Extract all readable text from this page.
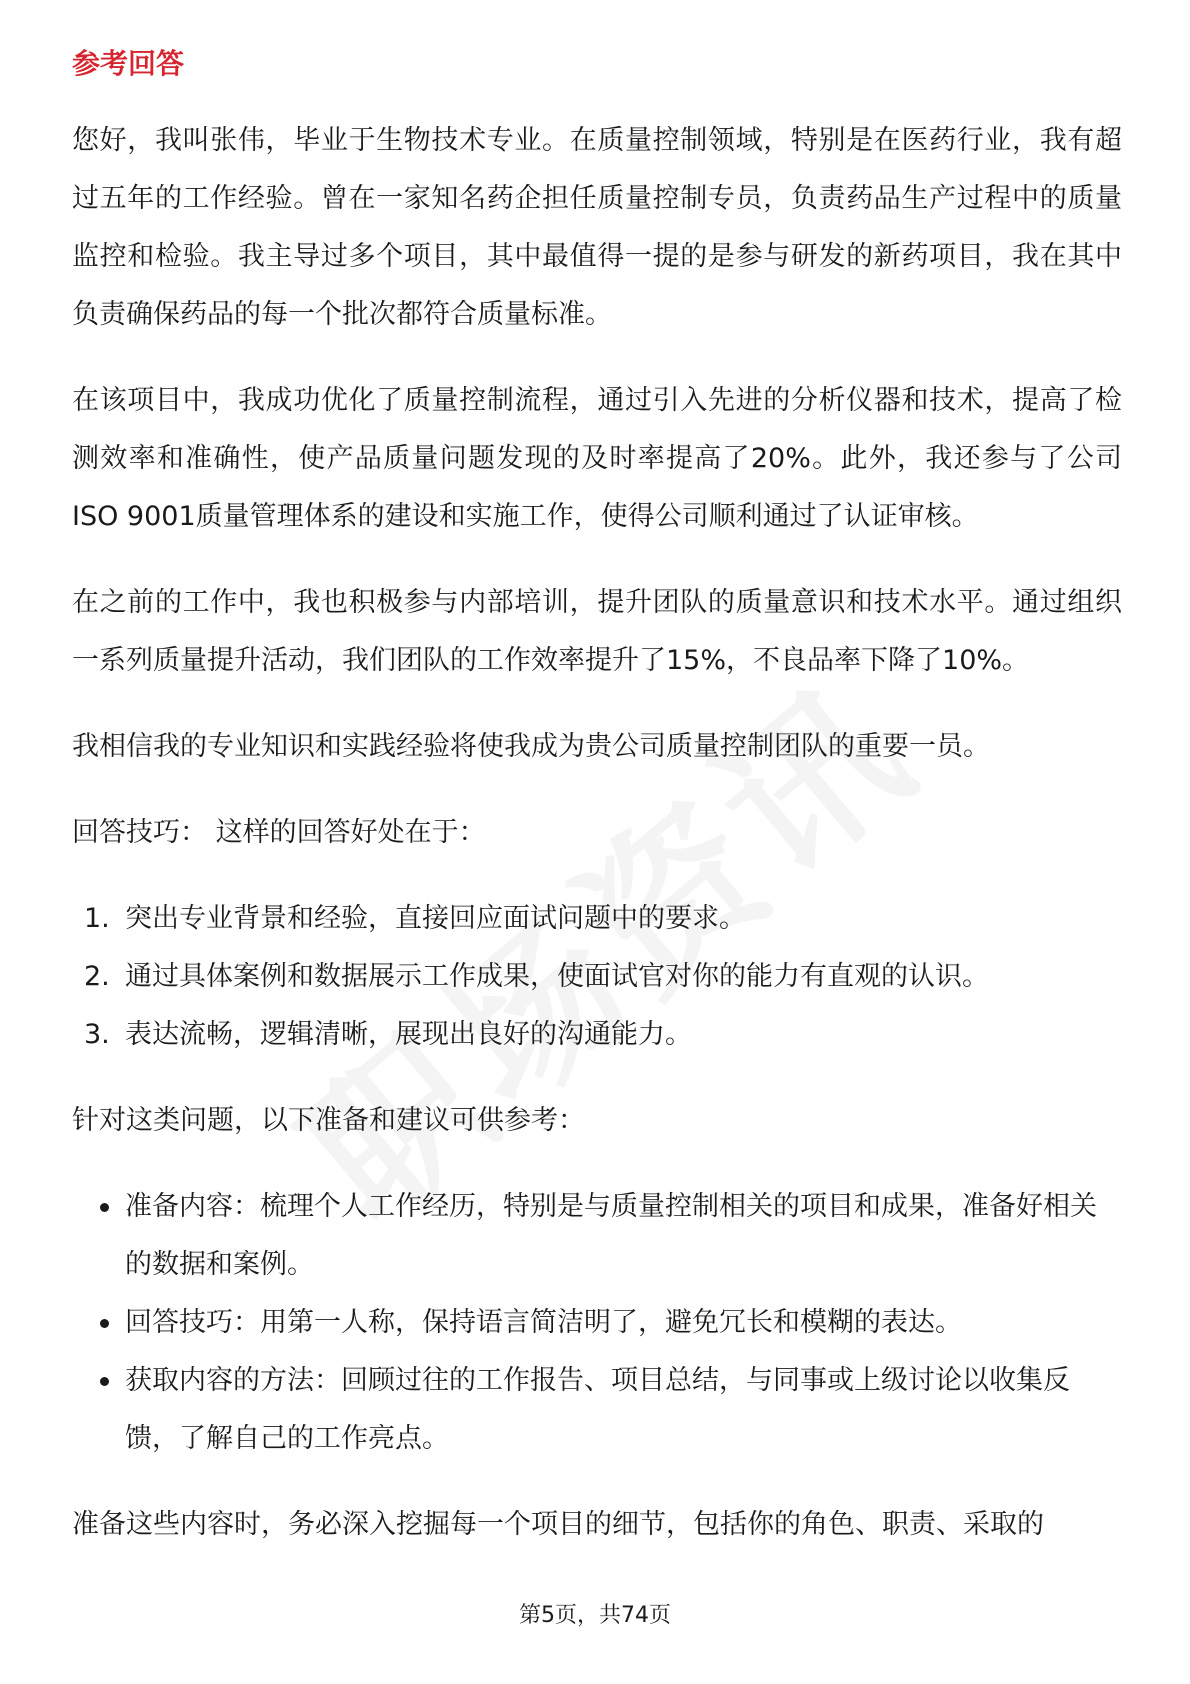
参考回答

您好，我叫张伟，毕业于生物技术专业。在质量控制领域，特别是在医药行业，我有超过五年的工作经验。曾在一家知名药企担任质量控制专员，负责药品生产过程中的质量监控和检验。我主导过多个项目，其中最值得一提的是参与研发的新药项目，我在其中负责确保药品的每一个批次都符合质量标准。

在该项目中，我成功优化了质量控制流程，通过引入先进的分析仪器和技术，提高了检测效率和准确性，使产品质量问题发现的及时率提高了20%。此外，我还参与了公司ISO 9001质量管理体系的建设和实施工作，使得公司顺利通过了认证审核。

在之前的工作中，我也积极参与内部培训，提升团队的质量意识和技术水平。通过组织一系列质量提升活动，我们团队的工作效率提升了15%，不良品率下降了10%。

我相信我的专业知识和实践经验将使我成为贵公司质量控制团队的重要一员。

回答技巧： 这样的回答好处在于：

1. 突出专业背景和经验，直接回应面试问题中的要求。
2. 通过具体案例和数据展示工作成果，使面试官对你的能力有直观的认识。
3. 表达流畅，逻辑清晰，展现出良好的沟通能力。

针对这类问题，以下准备和建议可供参考：

准备内容：梳理个人工作经历，特别是与质量控制相关的项目和成果，准备好相关的数据和案例。
回答技巧：用第一人称，保持语言简洁明了，避免冗长和模糊的表达。
获取内容的方法：回顾过往的工作报告、项目总结，与同事或上级讨论以收集反馈，了解自己的工作亮点。

准备这些内容时，务必深入挖掘每一个项目的细节，包括你的角色、职责、采取的

第5页，共74页
